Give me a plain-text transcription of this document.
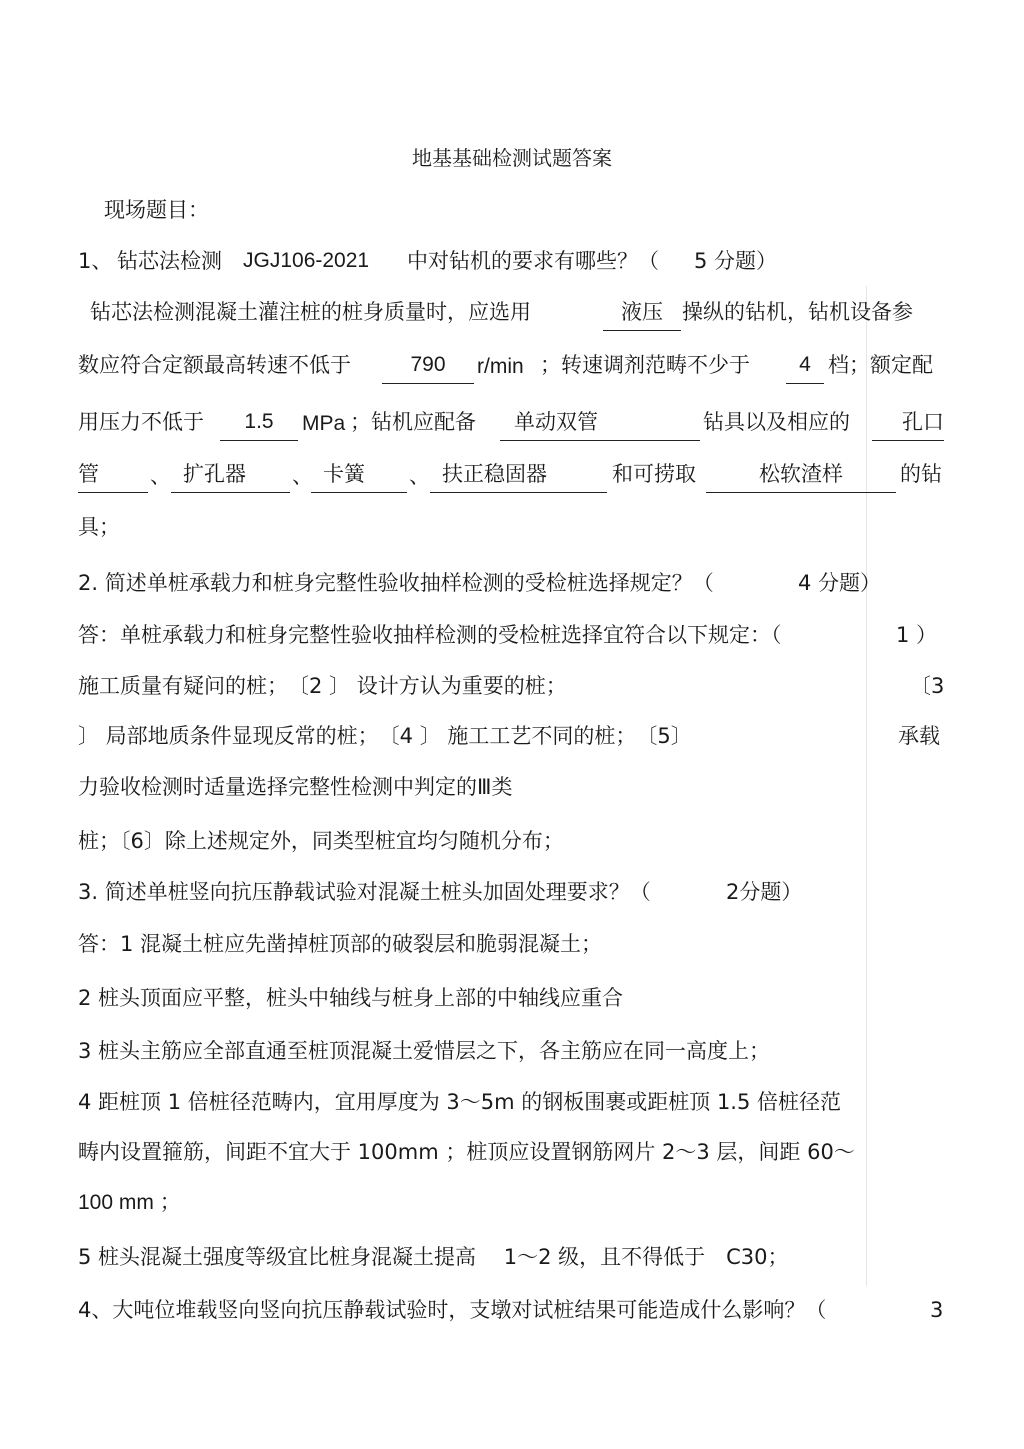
地基基础检测试题答案
现场题目：
1、 钻芯法检测 JGJ106-2021 中对钻机的要求有哪些？（ 5 分题）
钻芯法检测混凝土灌注桩的桩身质量时，应选用	液压 操纵的钻机，钻机设备参
数应符合定额最高转速不低于	790	r/min ；转速调剂范畴不少于	4 档；额定配
用压力不低于	1.5	MPa ；钻机应配备	单动双管	钻具以及相应的	孔口
管	、 扩孔器	、 卡簧	、 扶正稳固器	和可捞取	松软渣样	的钻
具；
2. 简述单桩承载力和桩身完整性验收抽样检测的受检桩选择规定？（	4 分题）
答：单桩承载力和桩身完整性验收抽样检测的受检桩选择宜符合以下规定：（	1 ）
施工质量有疑问的桩；　〔2 〕 设计方认为重要的桩；	〔3
〕 局部地质条件显现反常的桩；　〔4 〕 施工工艺不同的桩；　〔5〕	承载
力验收检测时适量选择完整性检测中判定的Ⅲ类
桩；〔6〕除上述规定外，同类型桩宜均匀随机分布；
3. 简述单桩竖向抗压静载试验对混凝土桩头加固处理要求？（	2分题）
答：1 混凝土桩应先凿掉桩顶部的破裂层和脆弱混凝土；
2 桩头顶面应平整，桩头中轴线与桩身上部的中轴线应重合
3 桩头主筋应全部直通至桩顶混凝土爱惜层之下，各主筋应在同一高度上；
4 距桩顶 1 倍桩径范畴内，宜用厚度为 3～5m 的钢板围裹或距桩顶 1.5 倍桩径范
畴内设置箍筋，间距不宜大于 100mm ；桩顶应设置钢筋网片 2～3 层，间距 60～
100 mm ；
5 桩头混凝土强度等级宜比桩身混凝土提高　 1～2 级，且不得低于　C30；
4、大吨位堆载竖向竖向抗压静载试验时，支墩对试桩结果可能造成什么影响？（	3
